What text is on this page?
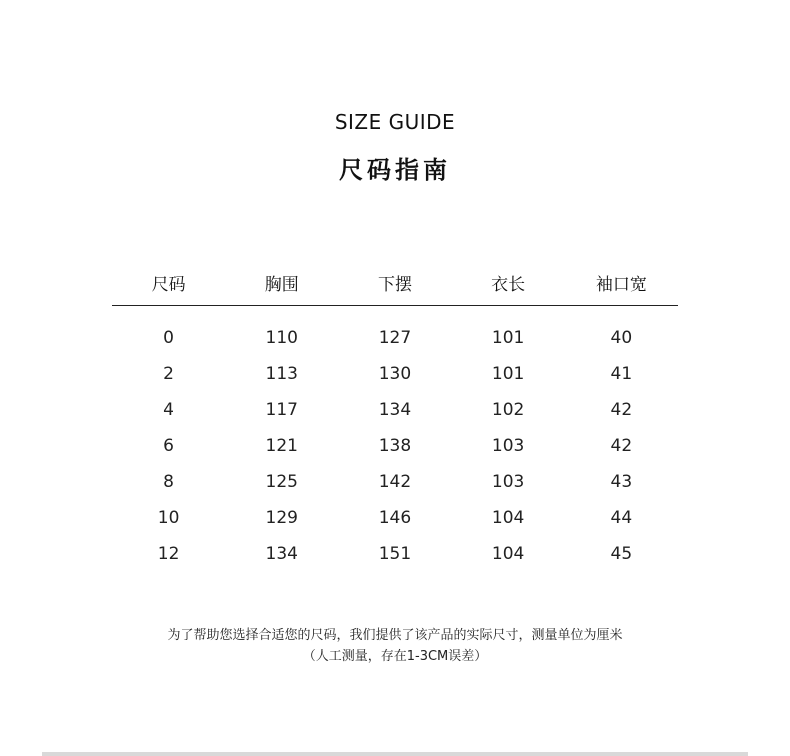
SIZE GUIDE
尺码指南
尺码	胸围	下摆	衣长	袖口宽

0	110	127	101	40
2	113	130	101	41
4	117	134	102	42
6	121	138	103	42
8	125	142	103	43
10	129	146	104	44
12	134	151	104	45
为了帮助您选择合适您的尺码，我们提供了该产品的实际尺寸，测量单位为厘米
（人工测量，存在1-3CM误差）
